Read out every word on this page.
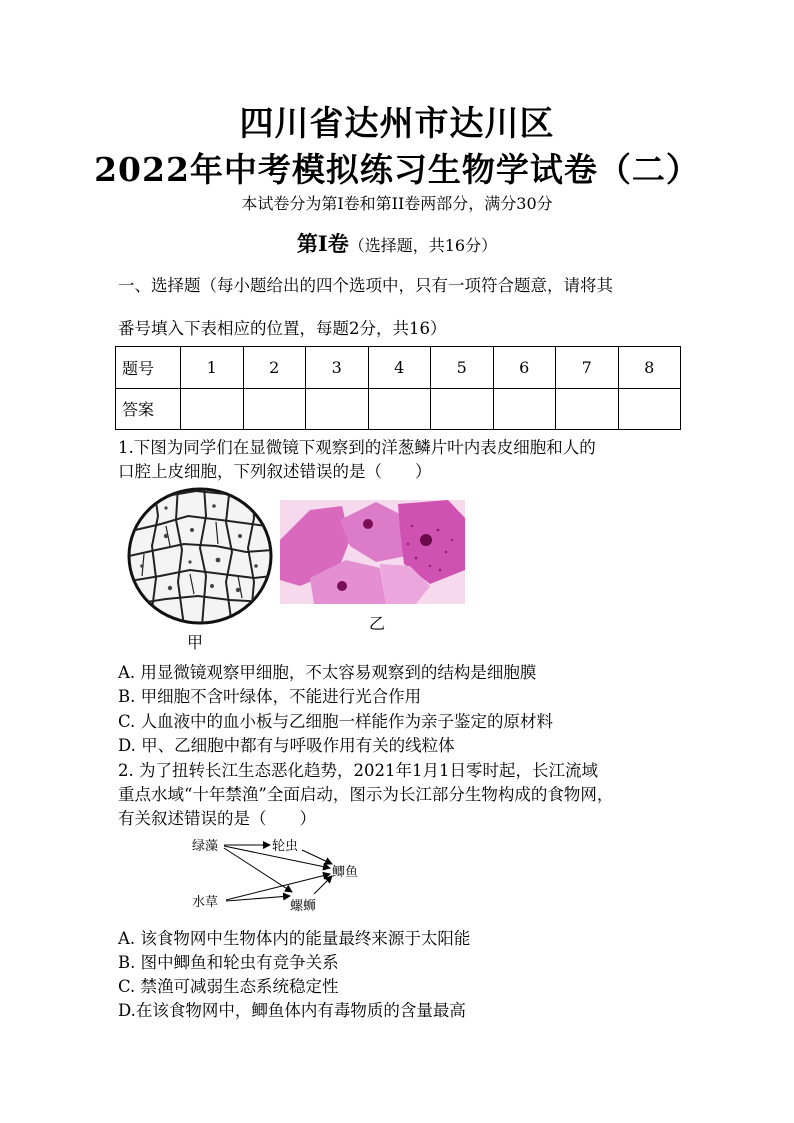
四川省达州市达川区
2022年中考模拟练习生物学试卷（二）
本试卷分为第Ⅰ卷和第II卷两部分，满分30分
第Ⅰ卷（选择题，共16分）
一、选择题（每小题给出的四个选项中，只有一项符合题意，请将其
番号填入下表相应的位置，每题2分，共16）
题号	1	2	3	4	5	6	7	8
答案								
1.下图为同学们在显微镜下观察到的洋葱鳞片叶内表皮细胞和人的
口腔上皮细胞，下列叙述错误的是（　　）
甲
乙
A. 用显微镜观察甲细胞，不太容易观察到的结构是细胞膜
B. 甲细胞不含叶绿体，不能进行光合作用
C. 人血液中的血小板与乙细胞一样能作为亲子鉴定的原材料
D. 甲、乙细胞中都有与呼吸作用有关的线粒体
2. 为了扭转长江生态恶化趋势，2021年1月1日零时起，长江流域
重点水域“十年禁渔”全面启动，图示为长江部分生物构成的食物网，
有关叙述错误的是（　　）
绿藻	轮虫
鲫鱼
水草	螺蛳
A. 该食物网中生物体内的能量最终来源于太阳能
B. 图中鲫鱼和轮虫有竞争关系
C. 禁渔可减弱生态系统稳定性
D.在该食物网中，鲫鱼体内有毒物质的含量最高
